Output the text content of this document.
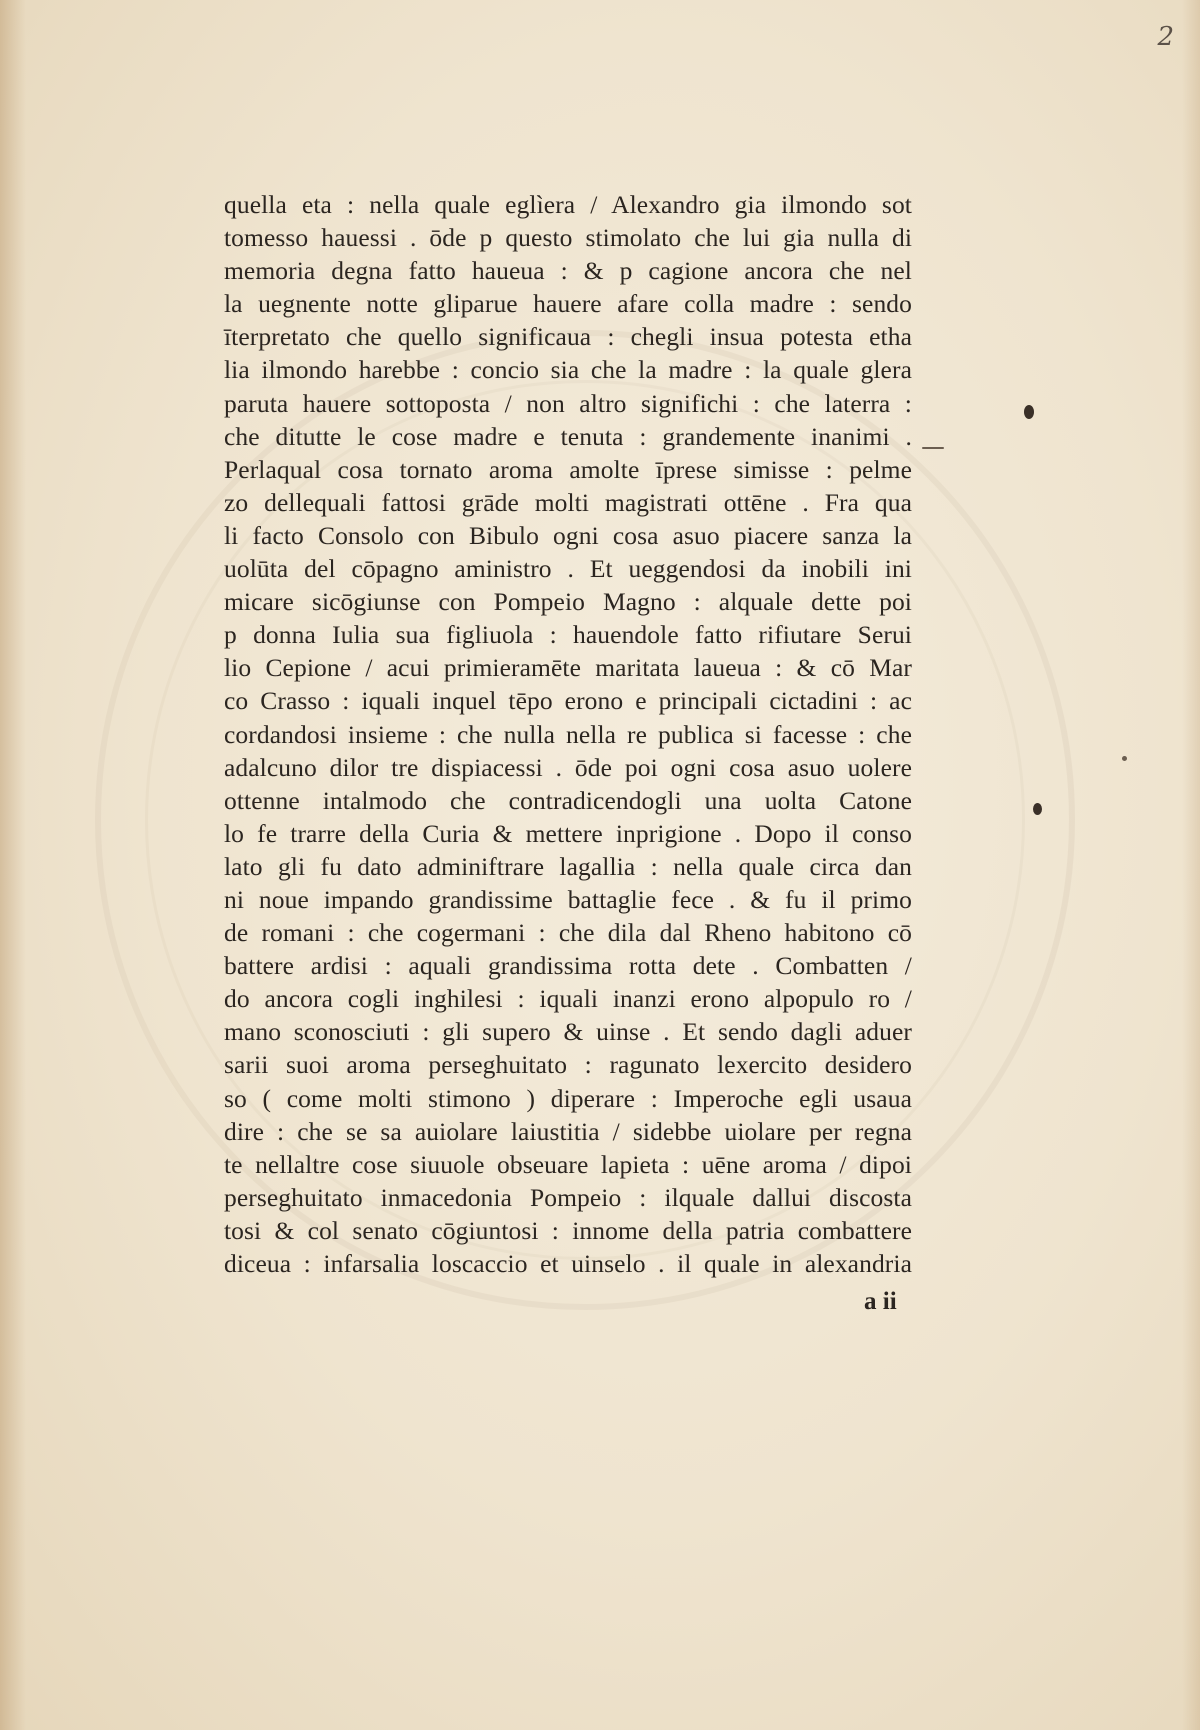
2
quella eta : nella quale eglìera / Alexandro gia ilmondo sot
tomesso hauessi . ōde p questo stimolato che lui gia nulla di
memoria degna fatto haueua : & p cagione ancora che nel
la uegnente notte gliparue hauere afare colla madre : sendo
īterpretato che quello significaua : chegli insua potesta etha
lia ilmondo harebbe : concio sia che la madre : la quale glera
paruta hauere sottoposta / non altro significhi : che laterra :
che ditutte le cose madre e tenuta : grandemente inanimi .
Perlaqual cosa tornato aroma amolte īprese simisse : pelme
zo dellequali fattosi grāde molti magistrati ottēne . Fra qua
li facto Consolo con Bibulo ogni cosa asuo piacere sanza la
uolūta del cōpagno aministro . Et ueggendosi da inobili ini
micare sicōgiunse con Pompeio Magno : alquale dette poi
p donna Iulia sua figliuola : hauendole fatto rifiutare Serui
lio Cepione / acui primieramēte maritata laueua : & cō Mar
co Crasso : iquali inquel tēpo erono e principali cictadini : ac
cordandosi insieme : che nulla nella re publica si facesse : che
adalcuno dilor tre dispiacessi . ōde poi ogni cosa asuo uolere
ottenne intalmodo che contradicendogli una uolta Catone
lo fe trarre della Curia & mettere inprigione . Dopo il conso
lato gli fu dato adminiftrare lagallia : nella quale circa dan
ni noue impando grandissime battaglie fece . & fu il primo
de romani : che cogermani : che dila dal Rheno habitono cō
battere ardisi : aquali grandissima rotta dete . Combatten /
do ancora cogli inghilesi : iquali inanzi erono alpopulo ro /
mano sconosciuti : gli supero & uinse . Et sendo dagli aduer
sarii suoi aroma perseghuitato : ragunato lexercito desidero
so ( come molti stimono ) diperare : Imperoche egli usaua
dire : che se sa auiolare laiustitia / sidebbe uiolare per regna
te nellaltre cose siuuole obseuare lapieta : uēne aroma / dipoi
perseghuitato inmacedonia Pompeio : ilquale dallui discosta
tosi & col senato cōgiuntosi : innome della patria combattere
diceua : infarsalia loscaccio et uinselo . il quale in alexandria
a ii
